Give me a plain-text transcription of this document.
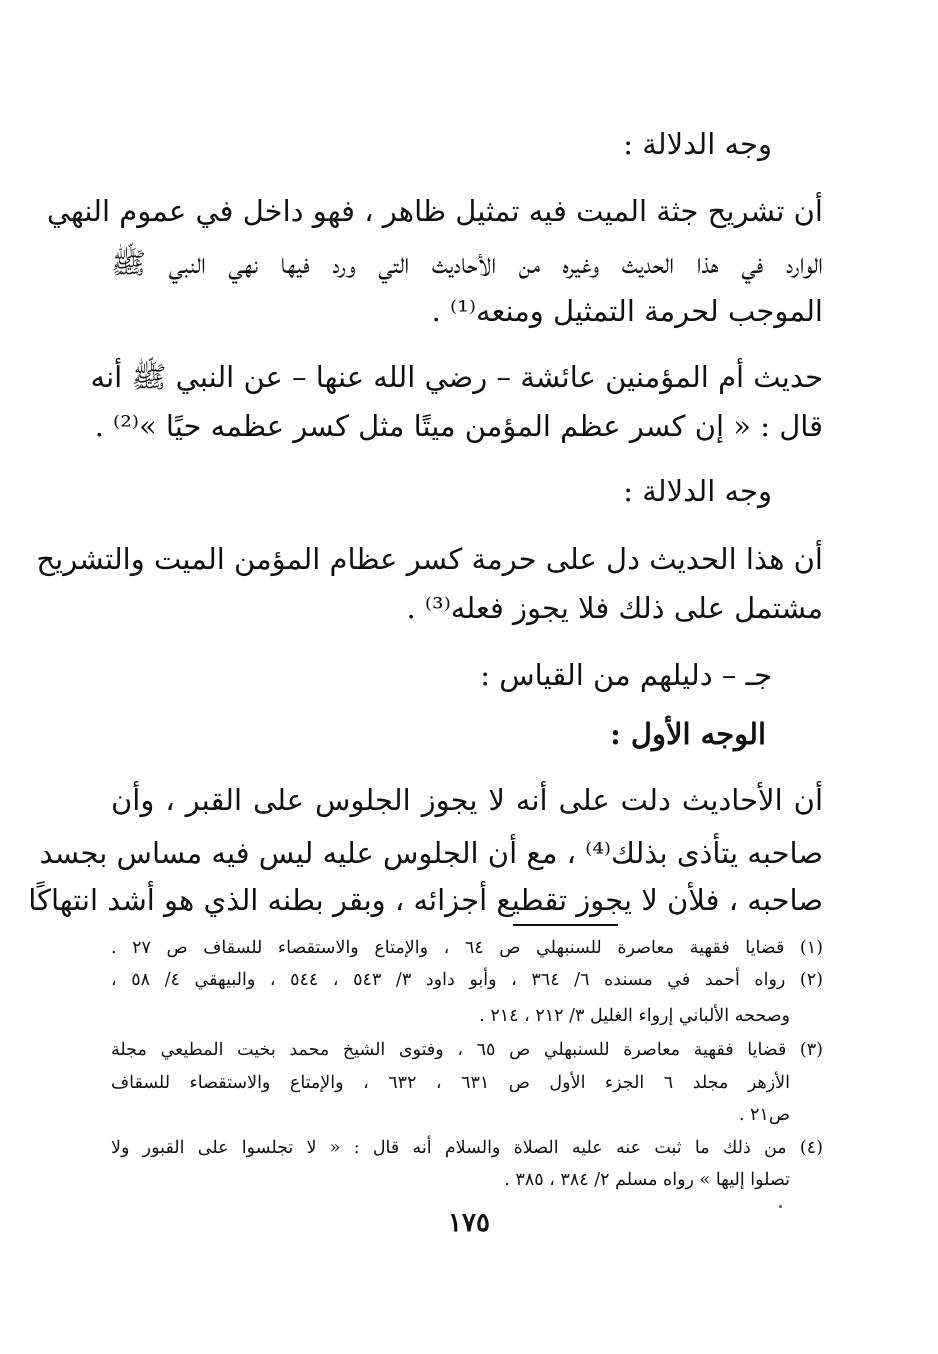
وجه الدلالة :

أن تشريح جثة الميت فيه تمثيل ظاهر ، فهو داخل في عموم النهي

الوارد في هذا الحديث وغيره من الأحاديث التي ورد فيها نهي النبي ﷺ

الموجب لحرمة التمثيل ومنعه⁽¹⁾ .

حديث أم المؤمنين عائشة – رضي الله عنها – عن النبي ﷺ أنه

قال : « إن كسر عظم المؤمن ميتًا مثل كسر عظمه حيًا »⁽²⁾ .

وجه الدلالة :

أن هذا الحديث دل على حرمة كسر عظام المؤمن الميت والتشريح

مشتمل على ذلك فلا يجوز فعله⁽³⁾ .

جـ – دليلهم من القياس :

الوجه الأول :

أن الأحاديث دلت على أنه لا يجوز الجلوس على القبر ، وأن

صاحبه يتأذى بذلك⁽⁴⁾ ، مع أن الجلوس عليه ليس فيه مساس بجسد

صاحبه ، فلأن لا يجوز تقطيع أجزائه ، وبقر بطنه الذي هو أشد انتهاكًا

(١) قضايا فقهية معاصرة للسنبهلي ص ٦٤ ، والإمتاع والاستقصاء للسقاف ص ٢٧ .

(٢) رواه أحمد في مسنده ٦/ ٣٦٤ ، وأبو داود ٣/ ٥٤٣ ، ٥٤٤ ، والبيهقي ٤/ ٥٨ ،

وصححه الألباني إرواء الغليل ٣/ ٢١٢ ، ٢١٤ .

(٣) قضايا فقهية معاصرة للسنبهلي ص ٦٥ ، وفتوى الشيخ محمد بخيت المطيعي مجلة

الأزهر مجلد ٦ الجزء الأول ص ٦٣١ ، ٦٣٢ ، والإمتاع والاستقصاء للسقاف

ص٢١ .

(٤) من ذلك ما ثبت عنه عليه الصلاة والسلام أنه قال : « لا تجلسوا على القبور ولا

تصلوا إليها » رواه مسلم ٢/ ٣٨٤ ، ٣٨٥ .

١٧٥
